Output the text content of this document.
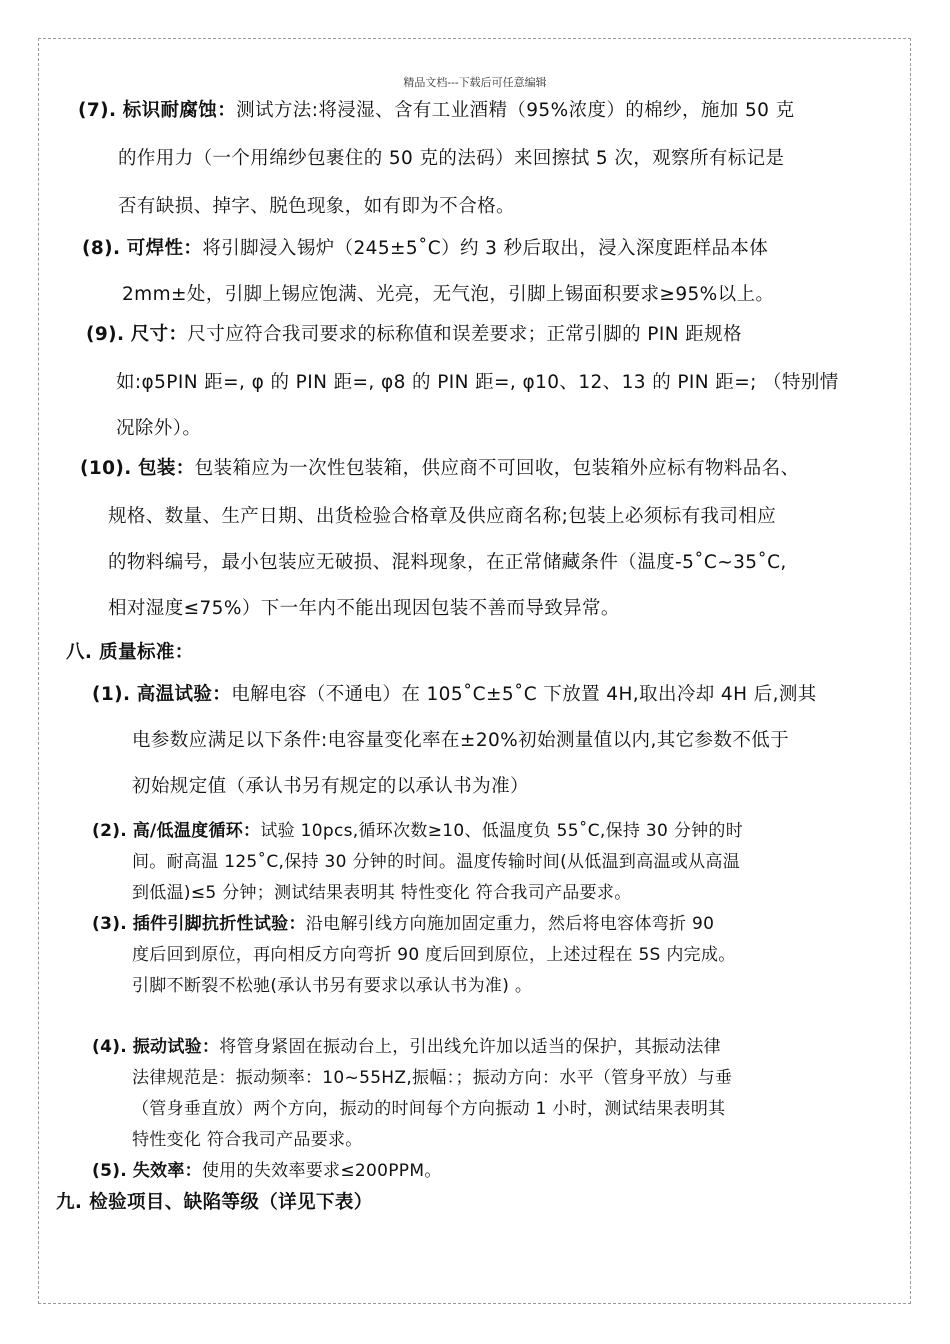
精品文档---下载后可任意编辑
(7). 标识耐腐蚀：测试方法:将浸湿、含有工业酒精（95%浓度）的棉纱，施加 50 克
的作用力（一个用绵纱包裹住的 50 克的法码）来回擦拭 5 次，观察所有标记是
否有缺损、掉字、脱色现象，如有即为不合格。
(8). 可焊性：将引脚浸入锡炉（245±5˚C）约 3 秒后取出，浸入深度距样品本体
2mm±处，引脚上锡应饱满、光亮，无气泡，引脚上锡面积要求≥95%以上。
(9). 尺寸：尺寸应符合我司要求的标称值和误差要求；正常引脚的 PIN 距规格
如:φ5PIN 距=, φ 的 PIN 距=, φ8 的 PIN 距=, φ10、12、13 的 PIN 距=; （特别情
况除外）。
(10). 包装：包装箱应为一次性包装箱，供应商不可回收，包装箱外应标有物料品名、
规格、数量、生产日期、出货检验合格章及供应商名称;包装上必须标有我司相应
的物料编号，最小包装应无破损、混料现象，在正常储藏条件（温度-5˚C~35˚C,
相对湿度≤75%）下一年内不能出现因包装不善而导致异常。
八. 质量标准：
(1). 高温试验：电解电容（不通电）在 105˚C±5˚C 下放置 4H,取出冷却 4H 后,测其
电参数应满足以下条件:电容量变化率在±20%初始测量值以内,其它参数不低于
初始规定值（承认书另有规定的以承认书为准）
(2). 高/低温度循环：试验 10pcs,循环次数≥10、低温度负 55˚C,保持 30 分钟的时
间。耐高温 125˚C,保持 30 分钟的时间。温度传输时间(从低温到高温或从高温
到低温)≤5 分钟；测试结果表明其 特性变化 符合我司产品要求。
(3). 插件引脚抗折性试验：沿电解引线方向施加固定重力，然后将电容体弯折 90
度后回到原位，再向相反方向弯折 90 度后回到原位，上述过程在 5S 内完成。
引脚不断裂不松驰(承认书另有要求以承认书为准) 。
(4). 振动试验：将管身紧固在振动台上，引出线允许加以适当的保护，其振动法律
法律规范是：振动频率：10~55HZ,振幅：；振动方向：水平（管身平放）与垂
（管身垂直放）两个方向，振动的时间每个方向振动 1 小时，测试结果表明其
特性变化 符合我司产品要求。
(5). 失效率：使用的失效率要求≤200PPM。
九. 检验项目、缺陷等级（详见下表）
